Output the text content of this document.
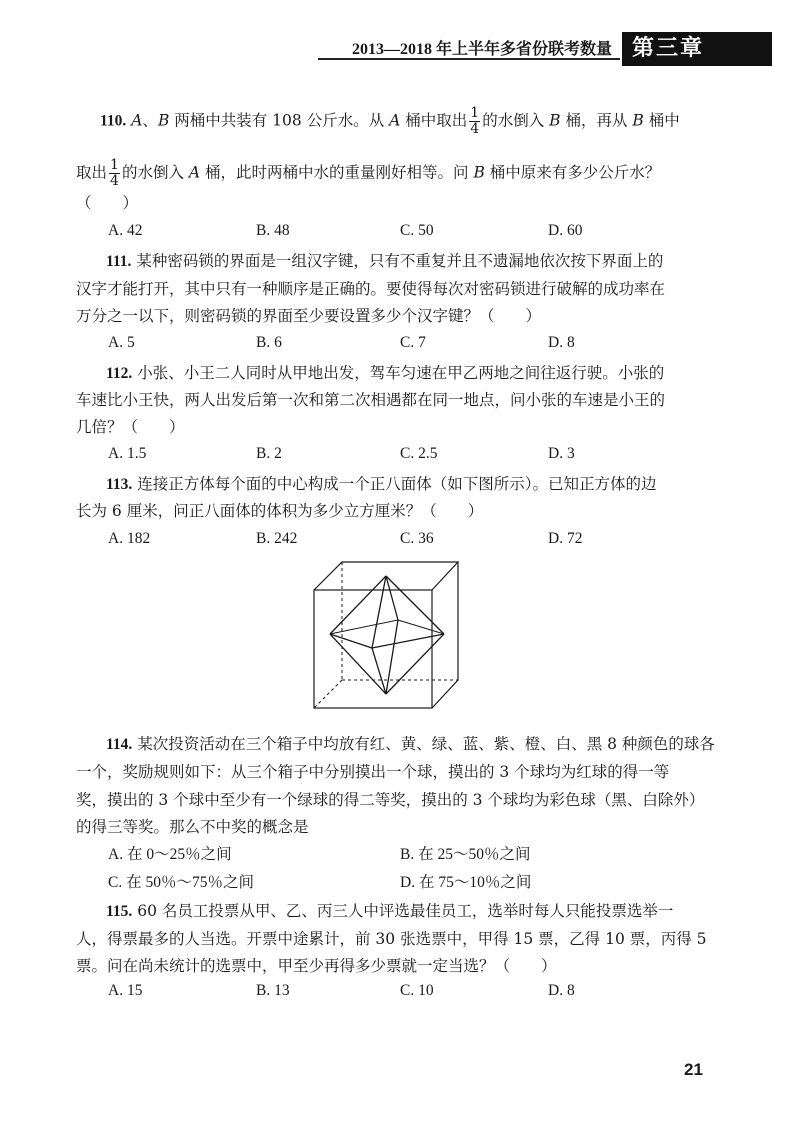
2013—2018 年上半年多省份联考数量 第三章
110. A、B 两桶中共装有 108 公斤水。从 A 桶中取出 $\frac{1}{4}$ 的水倒入 B 桶，再从 B 桶中
取出 $\frac{1}{4}$ 的水倒入 A 桶，此时两桶中水的重量刚好相等。问 B 桶中原来有多少公斤水？
（　　）
A. 42	B. 48	C. 50	D. 60
111. 某种密码锁的界面是一组汉字键，只有不重复并且不遗漏地依次按下界面上的
汉字才能打开，其中只有一种顺序是正确的。要使得每次对密码锁进行破解的成功率在
万分之一以下，则密码锁的界面至少要设置多少个汉字键？（　　）
A. 5	B. 6	C. 7	D. 8
112. 小张、小王二人同时从甲地出发，驾车匀速在甲乙两地之间往返行驶。小张的
车速比小王快，两人出发后第一次和第二次相遇都在同一地点，问小张的车速是小王的
几倍？（　　）
A. 1.5	B. 2	C. 2.5	D. 3
113. 连接正方体每个面的中心构成一个正八面体（如下图所示）。已知正方体的边
长为 6 厘米，问正八面体的体积为多少立方厘米？（　　）
A. 182	B. 242	C. 36	D. 72
114. 某次投资活动在三个箱子中均放有红、黄、绿、蓝、紫、橙、白、黑 8 种颜色的球各
一个，奖励规则如下：从三个箱子中分别摸出一个球，摸出的 3 个球均为红球的得一等
奖，摸出的 3 个球中至少有一个绿球的得二等奖，摸出的 3 个球均为彩色球（黑、白除外）
的得三等奖。那么不中奖的概念是
A. 在 0～25％之间	B. 在 25～50％之间
C. 在 50％～75％之间	D. 在 75～10％之间
115. 60 名员工投票从甲、乙、丙三人中评选最佳员工，选举时每人只能投票选举一
人，得票最多的人当选。开票中途累计，前 30 张选票中，甲得 15 票，乙得 10 票，丙得 5
票。问在尚未统计的选票中，甲至少再得多少票就一定当选？（　　）
A. 15	B. 13	C. 10	D. 8
21
